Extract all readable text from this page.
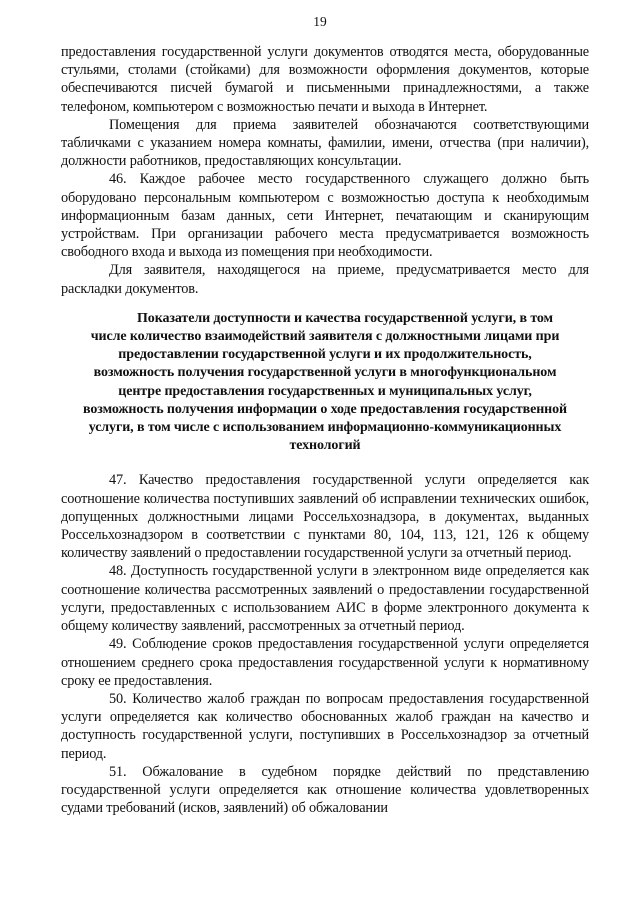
19

предоставления государственной услуги документов отводятся места, оборудованные стульями, столами (стойками) для возможности оформления документов, которые обеспечиваются писчей бумагой и письменными принадлежностями, а также телефоном, компьютером с возможностью печати и выхода в Интернет.

Помещения для приема заявителей обозначаются соответствующими табличками с указанием номера комнаты, фамилии, имени, отчества (при наличии), должности работников, предоставляющих консультации.

46. Каждое рабочее место государственного служащего должно быть оборудовано персональным компьютером с возможностью доступа к необходимым информационным базам данных, сети Интернет, печатающим и сканирующим устройствам. При организации рабочего места предусматривается возможность свободного входа и выхода из помещения при необходимости.

Для заявителя, находящегося на приеме, предусматривается место для раскладки документов.

Показатели доступности и качества государственной услуги, в том
числе количество взаимодействий заявителя с должностными лицами при
предоставлении государственной услуги и их продолжительность,
возможность получения государственной услуги в многофункциональном
центре предоставления государственных и муниципальных услуг,
возможность получения информации о ходе предоставления государственной
услуги, в том числе с использованием информационно-коммуникационных
технологий

47. Качество предоставления государственной услуги определяется как соотношение количества поступивших заявлений об исправлении технических ошибок, допущенных должностными лицами Россельхознадзора, в документах, выданных Россельхознадзором в соответствии с пунктами 80, 104, 113, 121, 126 к общему количеству заявлений о предоставлении государственной услуги за отчетный период.

48. Доступность государственной услуги в электронном виде определяется как соотношение количества рассмотренных заявлений о предоставлении государственной услуги, предоставленных с использованием АИС в форме электронного документа к общему количеству заявлений, рассмотренных за отчетный период.

49. Соблюдение сроков предоставления государственной услуги определяется отношением среднего срока предоставления государственной услуги к нормативному сроку ее предоставления.

50. Количество жалоб граждан по вопросам предоставления государственной услуги определяется как количество обоснованных жалоб граждан на качество и доступность государственной услуги, поступивших в Россельхознадзор за отчетный период.

51. Обжалование в судебном порядке действий по представлению государственной услуги определяется как отношение количества удовлетворенных судами требований (исков, заявлений) об обжаловании
